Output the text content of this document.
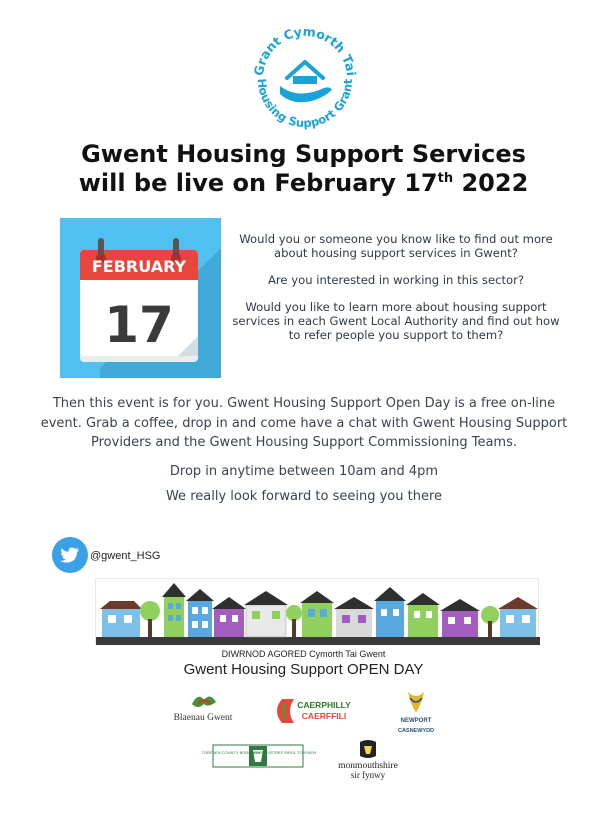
Grant Cymorth Tai
Housing Support Grant
Gwent Housing Support Services
will be live on February 17th 2022
FEBRUARY
17

Would you or someone you know like to find out more about housing support services in Gwent?

Are you interested in working in this sector?

Would you like to learn more about housing support services in each Gwent Local Authority and find out how to refer people you support to them?

Then this event is for you. Gwent Housing Support Open Day is a free on-line event. Grab a coffee, drop in and come have a chat with Gwent Housing Support Providers and the Gwent Housing Support Commissioning Teams.

Drop in anytime between 10am and 4pm

We really look forward to seeing you there

@gwent_HSG
DIWRNOD AGORED Cymorth Tai Gwent
Gwent Housing Support OPEN DAY
Blaenau Gwent
CAERPHILLY
CAERFFILI	NEWPORT
CASNEWYDD
TORFAEN COUNTY BOROUGH
BWRDEISTREF SIROL TORFAEN
monmouthshire
sir fynwy
